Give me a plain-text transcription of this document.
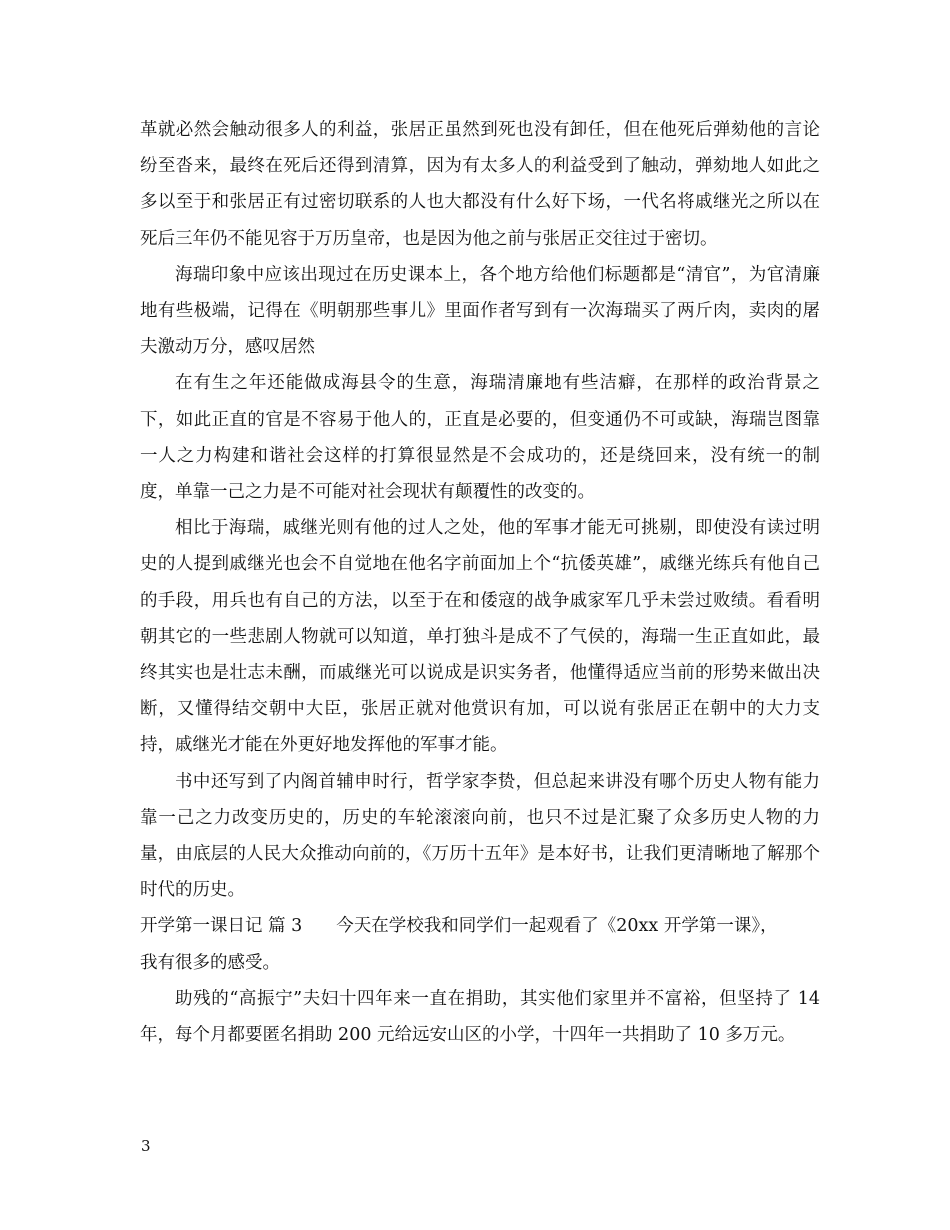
革就必然会触动很多人的利益，张居正虽然到死也没有卸任，但在他死后弹劾他的言论纷至沓来，最终在死后还得到清算，因为有太多人的利益受到了触动，弹劾地人如此之多以至于和张居正有过密切联系的人也大都没有什么好下场，一代名将戚继光之所以在死后三年仍不能见容于万历皇帝，也是因为他之前与张居正交往过于密切。

海瑞印象中应该出现过在历史课本上，各个地方给他们标题都是“清官”，为官清廉地有些极端，记得在《明朝那些事儿》里面作者写到有一次海瑞买了两斤肉，卖肉的屠夫激动万分，感叹居然

在有生之年还能做成海县令的生意，海瑞清廉地有些洁癖，在那样的政治背景之下，如此正直的官是不容易于他人的，正直是必要的，但变通仍不可或缺，海瑞岂图靠一人之力构建和谐社会这样的打算很显然是不会成功的，还是绕回来，没有统一的制度，单靠一己之力是不可能对社会现状有颠覆性的改变的。

相比于海瑞，戚继光则有他的过人之处，他的军事才能无可挑剔，即使没有读过明史的人提到戚继光也会不自觉地在他名字前面加上个“抗倭英雄”，戚继光练兵有他自己的手段，用兵也有自己的方法，以至于在和倭寇的战争戚家军几乎未尝过败绩。看看明朝其它的一些悲剧人物就可以知道，单打独斗是成不了气侯的，海瑞一生正直如此，最终其实也是壮志未酬，而戚继光可以说成是识实务者，他懂得适应当前的形势来做出决断，又懂得结交朝中大臣，张居正就对他赏识有加，可以说有张居正在朝中的大力支持，戚继光才能在外更好地发挥他的军事才能。

书中还写到了内阁首辅申时行，哲学家李贽，但总起来讲没有哪个历史人物有能力靠一己之力改变历史的，历史的车轮滚滚向前，也只不过是汇聚了众多历史人物的力量，由底层的人民大众推动向前的，《万历十五年》是本好书，让我们更清晰地了解那个时代的历史。

开学第一课日记 篇 3 今天在学校我和同学们一起观看了《20xx 开学第一课》，
我有很多的感受。

助残的“高振宁”夫妇十四年来一直在捐助，其实他们家里并不富裕，但坚持了 14 年，每个月都要匿名捐助 200 元给远安山区的小学，十四年一共捐助了 10 多万元。

3
